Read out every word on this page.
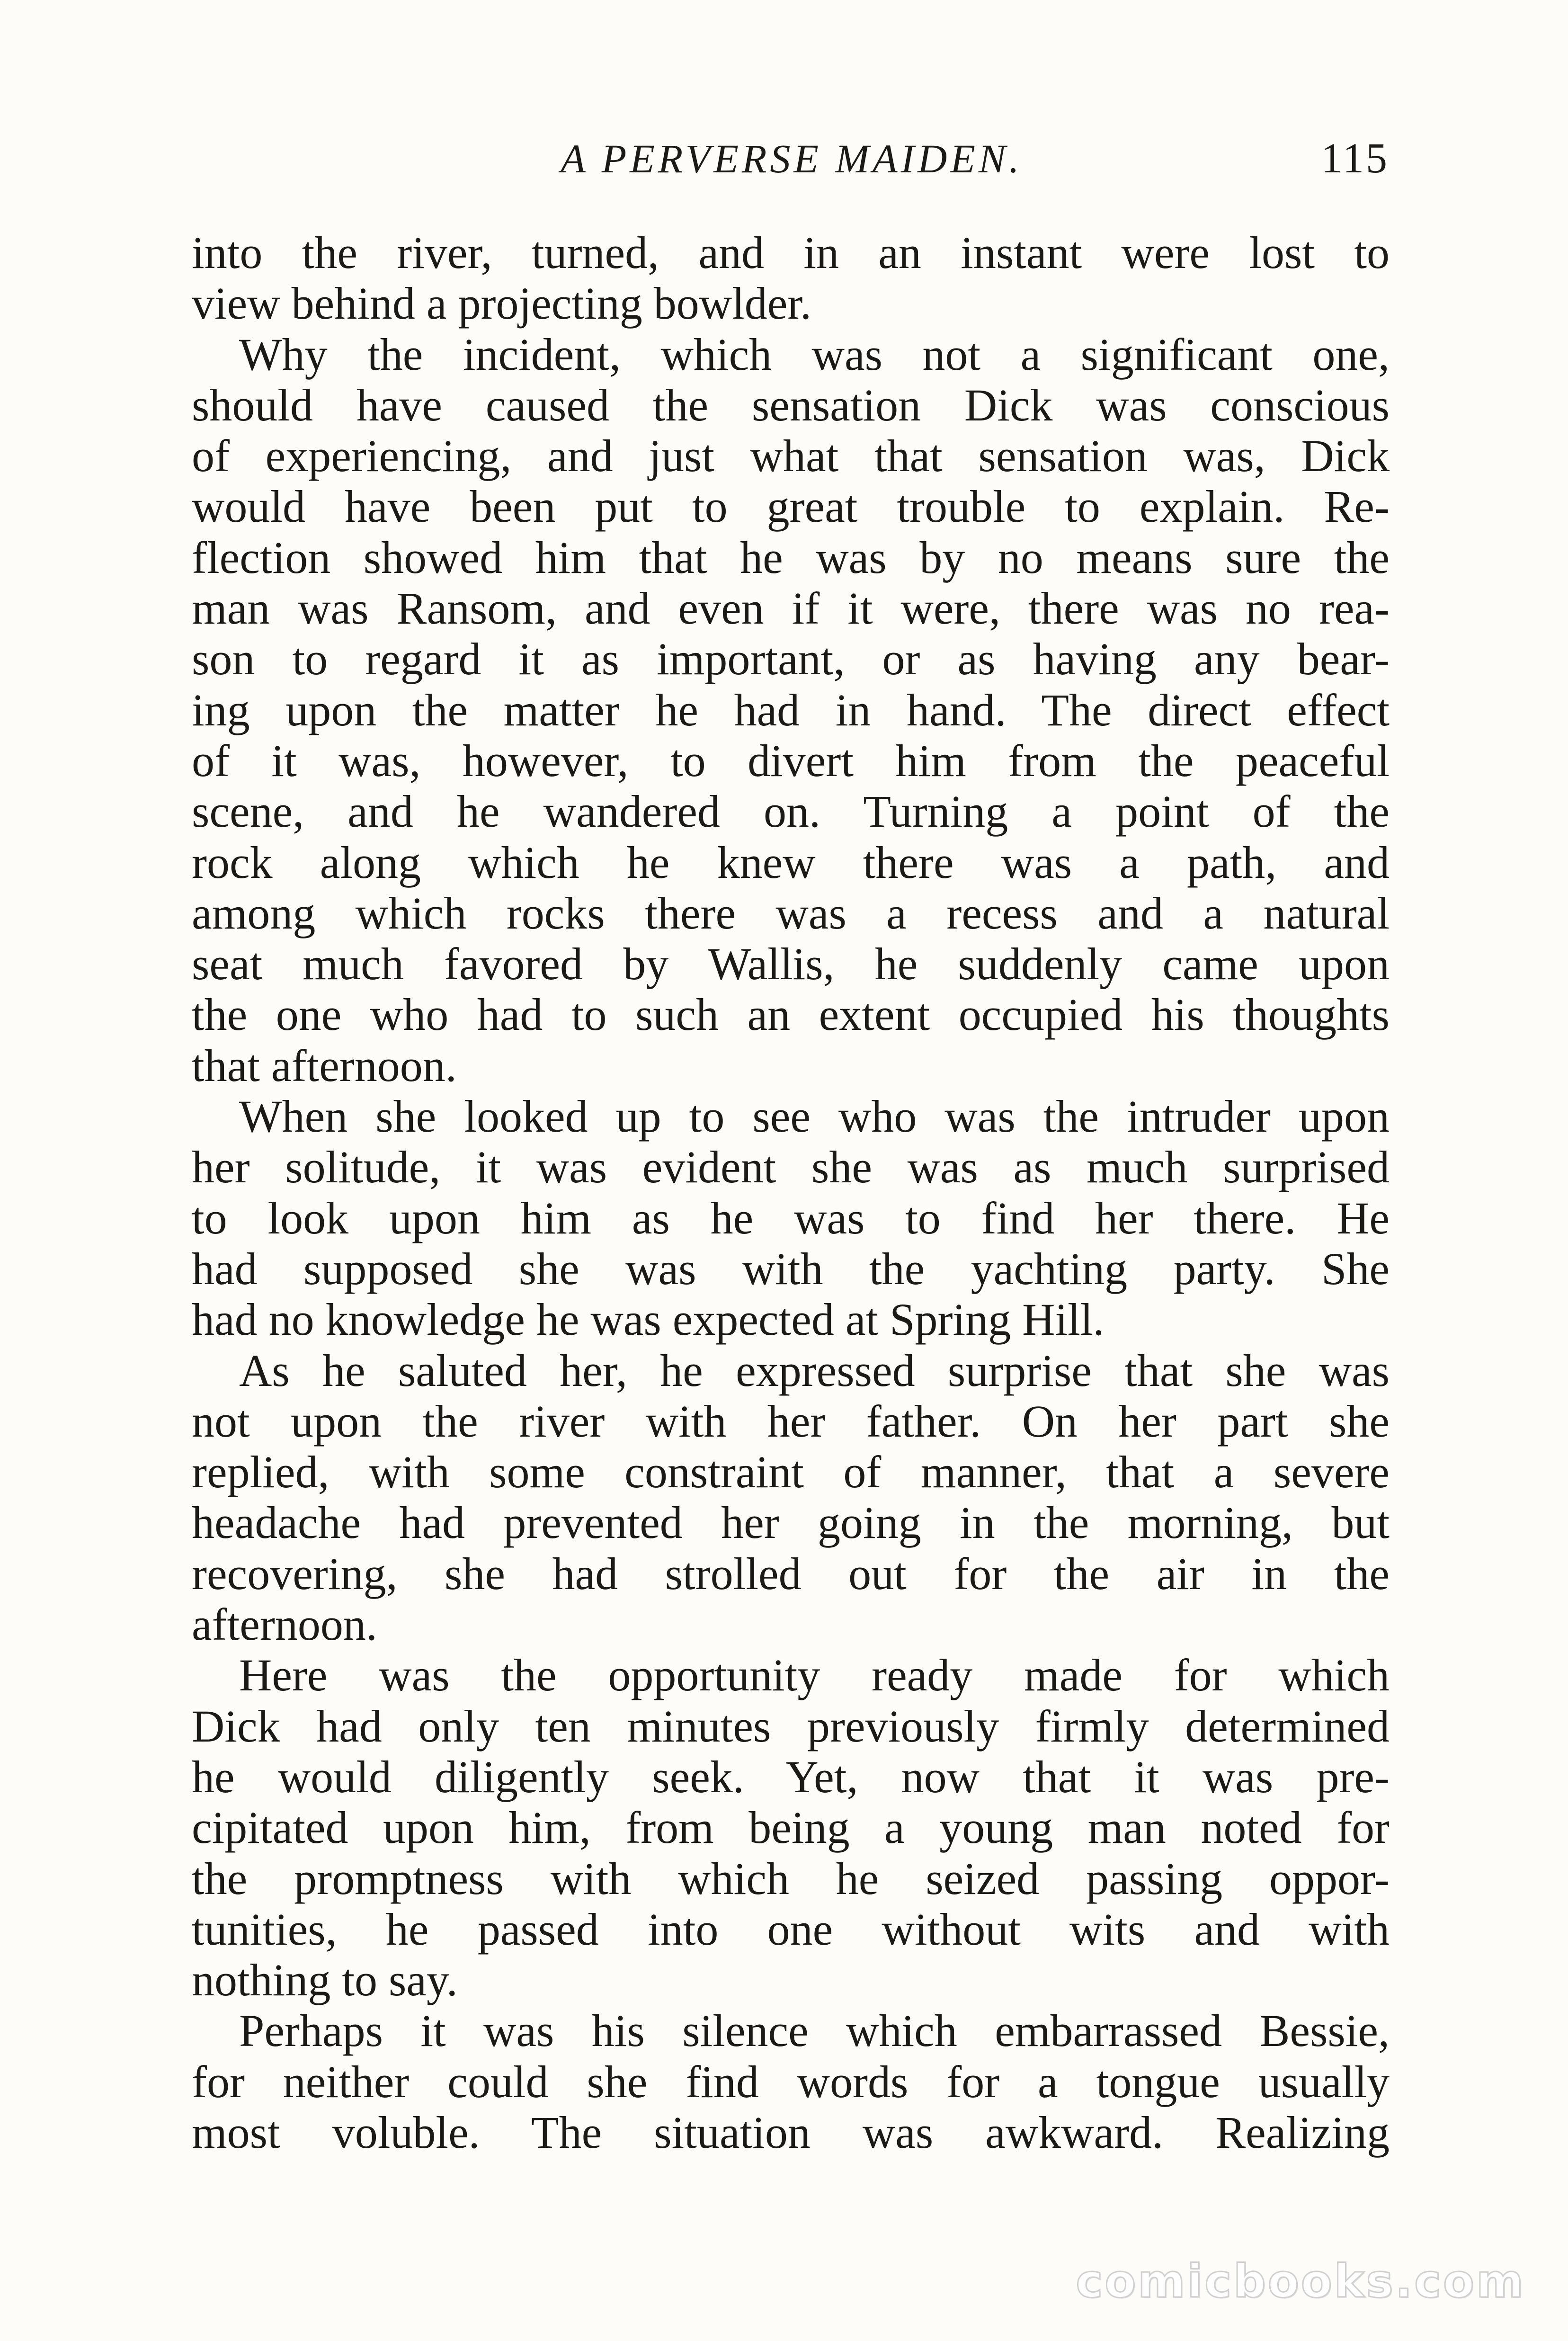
A PERVERSE MAIDEN.	115
into the river, turned, and in an instant were lost to
view behind a projecting bowlder.
Why the incident, which was not a significant one,
should have caused the sensation Dick was conscious
of experiencing, and just what that sensation was, Dick
would have been put to great trouble to explain. Re-
flection showed him that he was by no means sure the
man was Ransom, and even if it were, there was no rea-
son to regard it as important, or as having any bear-
ing upon the matter he had in hand. The direct effect
of it was, however, to divert him from the peaceful
scene, and he wandered on. Turning a point of the
rock along which he knew there was a path, and
among which rocks there was a recess and a natural
seat much favored by Wallis, he suddenly came upon
the one who had to such an extent occupied his thoughts
that afternoon.
When she looked up to see who was the intruder upon
her solitude, it was evident she was as much surprised
to look upon him as he was to find her there. He
had supposed she was with the yachting party. She
had no knowledge he was expected at Spring Hill.
As he saluted her, he expressed surprise that she was
not upon the river with her father. On her part she
replied, with some constraint of manner, that a severe
headache had prevented her going in the morning, but
recovering, she had strolled out for the air in the
afternoon.
Here was the opportunity ready made for which
Dick had only ten minutes previously firmly determined
he would diligently seek. Yet, now that it was pre-
cipitated upon him, from being a young man noted for
the promptness with which he seized passing oppor-
tunities, he passed into one without wits and with
nothing to say.
Perhaps it was his silence which embarrassed Bessie,
for neither could she find words for a tongue usually
most voluble. The situation was awkward. Realizing
comicbooks.com
